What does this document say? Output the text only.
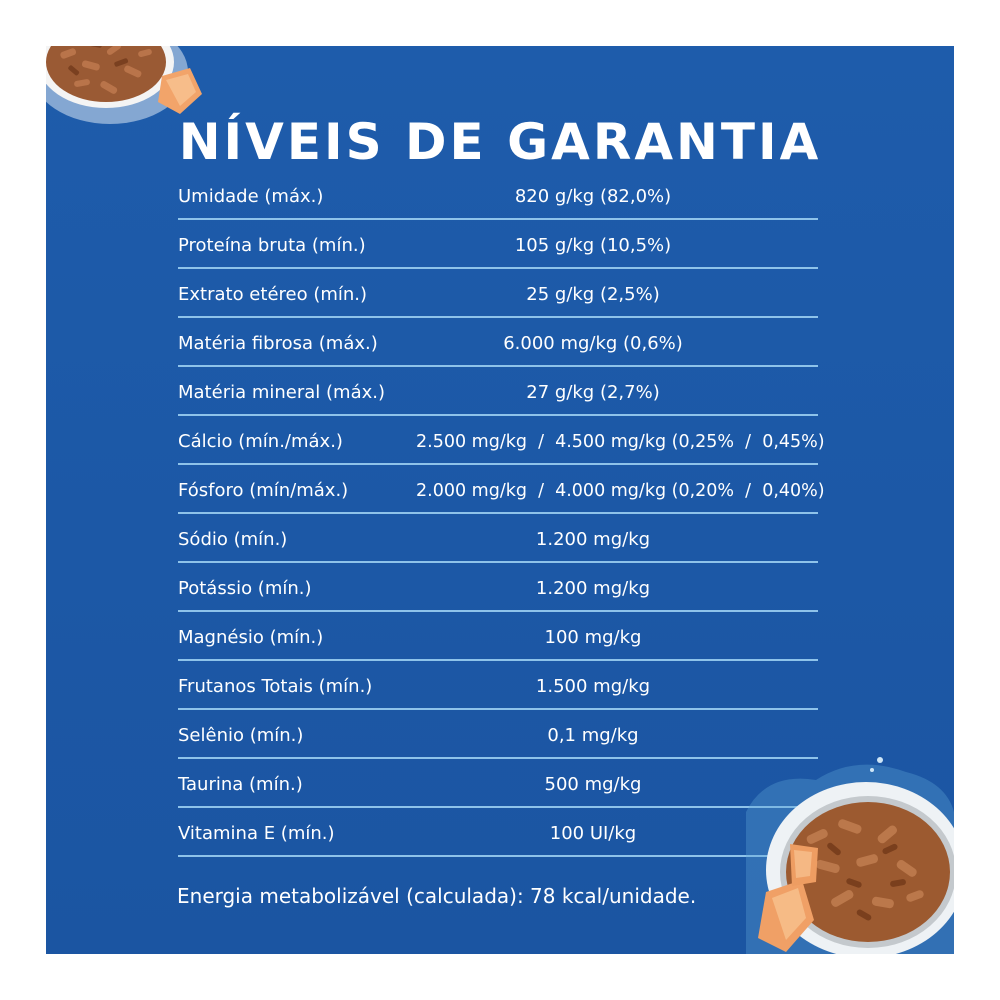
NÍVEIS DE GARANTIA
Umidade (máx.)	820 g/kg (82,0%)
Proteína bruta (mín.)	105 g/kg (10,5%)
Extrato etéreo (mín.)	25 g/kg (2,5%)
Matéria fibrosa (máx.)	6.000 mg/kg (0,6%)
Matéria mineral (máx.)	27 g/kg (2,7%)
Cálcio (mín./máx.)	2.500 mg/kg  /  4.500 mg/kg (0,25%  /  0,45%)
Fósforo (mín/máx.)	2.000 mg/kg  /  4.000 mg/kg (0,20%  /  0,40%)
Sódio (mín.)	1.200 mg/kg
Potássio (mín.)	1.200 mg/kg
Magnésio (mín.)	100 mg/kg
Frutanos Totais (mín.)	1.500 mg/kg
Selênio (mín.)	0,1 mg/kg
Taurina (mín.)	500 mg/kg
Vitamina E (mín.)	100 UI/kg
Energia metabolizável (calculada): 78 kcal/unidade.
